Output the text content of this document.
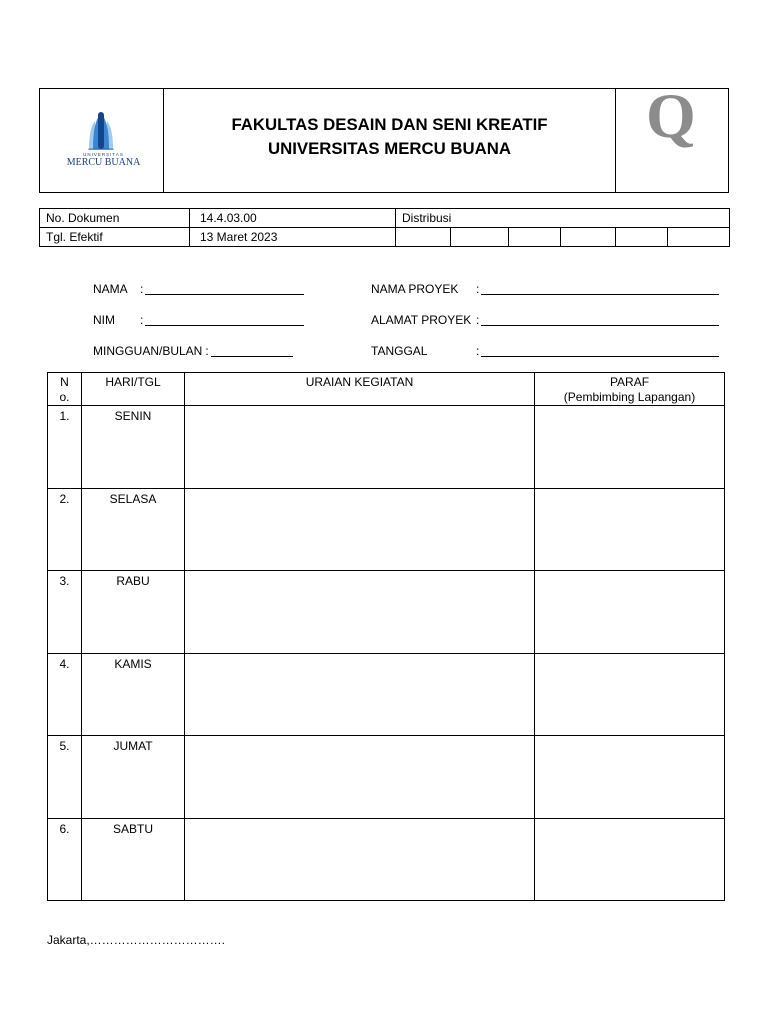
UNIVERSITAS
MERCU BUANA
FAKULTAS DESAIN DAN SENI KREATIF
UNIVERSITAS MERCU BUANA	Q
No. Dokumen	14.4.03.00	Distribusi					
Tgl. Efektif	13 Maret 2023						
NAMA :
NIM :
MINGGUAN/BULAN :
NAMA PROYEK :
ALAMAT PROYEK :
TANGGAL	:
No.	HARI/TGL	URAIAN KEGIATAN	PARAF
(Pembimbing Lapangan)

1.	SENIN		
2.	SELASA		
3.	RABU		
4.	KAMIS		
5.	JUMAT		
6.	SABTU		
Jakarta,…………………………….
